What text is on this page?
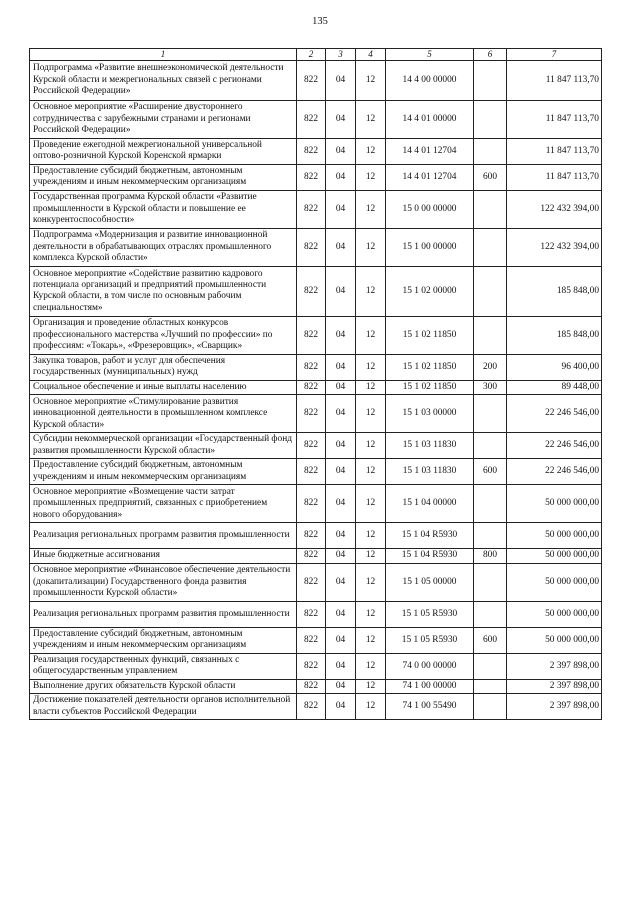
135
1	2	3	4	5	6	7
Подпрограмма «Развитие внешнеэкономической деятельности Курской области и межрегиональных связей с регионами Российской Федерации»	822	04	12	14 4 00 00000		11 847 113,70
Основное мероприятие «Расширение двустороннего сотрудничества с зарубежными странами и регионами Российской Федерации»	822	04	12	14 4 01 00000		11 847 113,70
Проведение ежегодной межрегиональной универсальной оптово-розничной Курской Коренской ярмарки	822	04	12	14 4 01 12704		11 847 113,70
Предоставление субсидий бюджетным, автономным учреждениям и иным некоммерческим организациям	822	04	12	14 4 01 12704	600	11 847 113,70
Государственная программа Курской области «Развитие промышленности в Курской области и повышение ее конкурентоспособности»	822	04	12	15 0 00 00000		122 432 394,00
Подпрограмма «Модернизация и развитие инновационной деятельности в обрабатывающих отраслях промышленного комплекса Курской области»	822	04	12	15 1 00 00000		122 432 394,00
Основное мероприятие «Содействие развитию кадрового потенциала организаций и предприятий промышленности Курской области, в том числе по основным рабочим специальностям»	822	04	12	15 1 02 00000		185 848,00
Организация и проведение областных конкурсов профессионального мастерства «Лучший по профессии» по профессиям: «Токарь», «Фрезеровщик», «Сварщик»	822	04	12	15 1 02 11850		185 848,00
Закупка товаров, работ и услуг для обеспечения государственных (муниципальных) нужд	822	04	12	15 1 02 11850	200	96 400,00
Социальное обеспечение и иные выплаты населению	822	04	12	15 1 02 11850	300	89 448,00
Основное мероприятие «Стимулирование развития инновационной деятельности в промышленном комплексе Курской области»	822	04	12	15 1 03 00000		22 246 546,00
Субсидии некоммерческой организации «Государственный фонд развития промышленности Курской области»	822	04	12	15 1 03 11830		22 246 546,00
Предоставление субсидий бюджетным, автономным учреждениям и иным некоммерческим организациям	822	04	12	15 1 03 11830	600	22 246 546,00
Основное мероприятие «Возмещение части затрат промышленных предприятий, связанных с приобретением нового оборудования»	822	04	12	15 1 04 00000		50 000 000,00
Реализация региональных программ развития промышленности	822	04	12	15 1 04 R5930		50 000 000,00
Иные бюджетные ассигнования	822	04	12	15 1 04 R5930	800	50 000 000,00
Основное мероприятие «Финансовое обеспечение деятельности (докапитализации) Государственного фонда развития промышленности Курской области»	822	04	12	15 1 05 00000		50 000 000,00
Реализация региональных программ развития промышленности	822	04	12	15 1 05 R5930		50 000 000,00
Предоставление субсидий бюджетным, автономным учреждениям и иным некоммерческим организациям	822	04	12	15 1 05 R5930	600	50 000 000,00
Реализация государственных функций, связанных с общегосударственным управлением	822	04	12	74 0 00 00000		2 397 898,00
Выполнение других обязательств Курской области	822	04	12	74 1 00 00000		2 397 898,00
Достижение показателей деятельности органов исполнительной власти субъектов Российской Федерации	822	04	12	74 1 00 55490		2 397 898,00
